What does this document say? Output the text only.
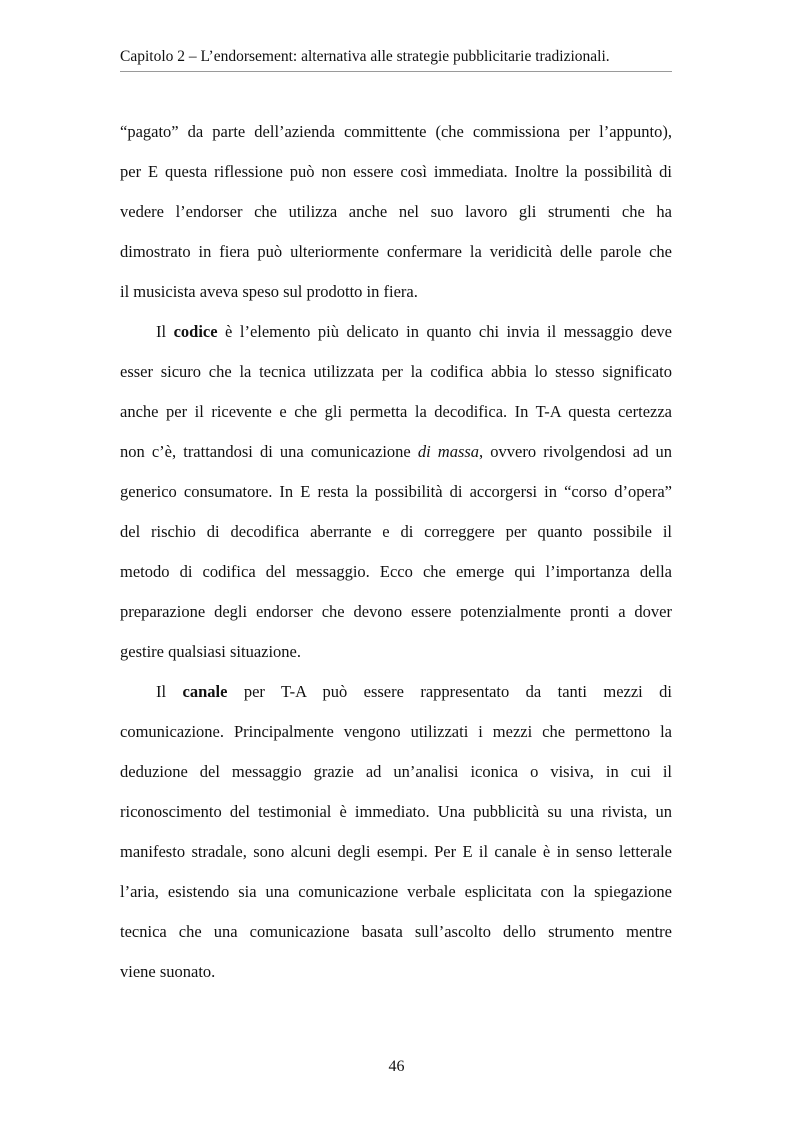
Capitolo 2 – L’endorsement: alternativa alle strategie pubblicitarie tradizionali.
“pagato” da parte dell’azienda committente (che commissiona per l’appunto),
per E questa riflessione può non essere così immediata. Inoltre la possibilità di
vedere l’endorser che utilizza anche nel suo lavoro gli strumenti che ha
dimostrato in fiera può ulteriormente confermare la veridicità delle parole che
il musicista aveva speso sul prodotto in fiera.
Il codice è l’elemento più delicato in quanto chi invia il messaggio deve
esser sicuro che la tecnica utilizzata per la codifica abbia lo stesso significato
anche per il ricevente e che gli permetta la decodifica. In T-A questa certezza
non c’è, trattandosi di una comunicazione di massa, ovvero rivolgendosi ad un
generico consumatore. In E resta la possibilità di accorgersi in “corso d’opera”
del rischio di decodifica aberrante e di correggere per quanto possibile il
metodo di codifica del messaggio. Ecco che emerge qui l’importanza della
preparazione degli endorser che devono essere potenzialmente pronti a dover
gestire qualsiasi situazione.
Il canale per T-A può essere rappresentato da tanti mezzi di
comunicazione. Principalmente vengono utilizzati i mezzi che permettono la
deduzione del messaggio grazie ad un’analisi iconica o visiva, in cui il
riconoscimento del testimonial è immediato. Una pubblicità su una rivista, un
manifesto stradale, sono alcuni degli esempi. Per E il canale è in senso letterale
l’aria, esistendo sia una comunicazione verbale esplicitata con la spiegazione
tecnica che una comunicazione basata sull’ascolto dello strumento mentre
viene suonato.
46
